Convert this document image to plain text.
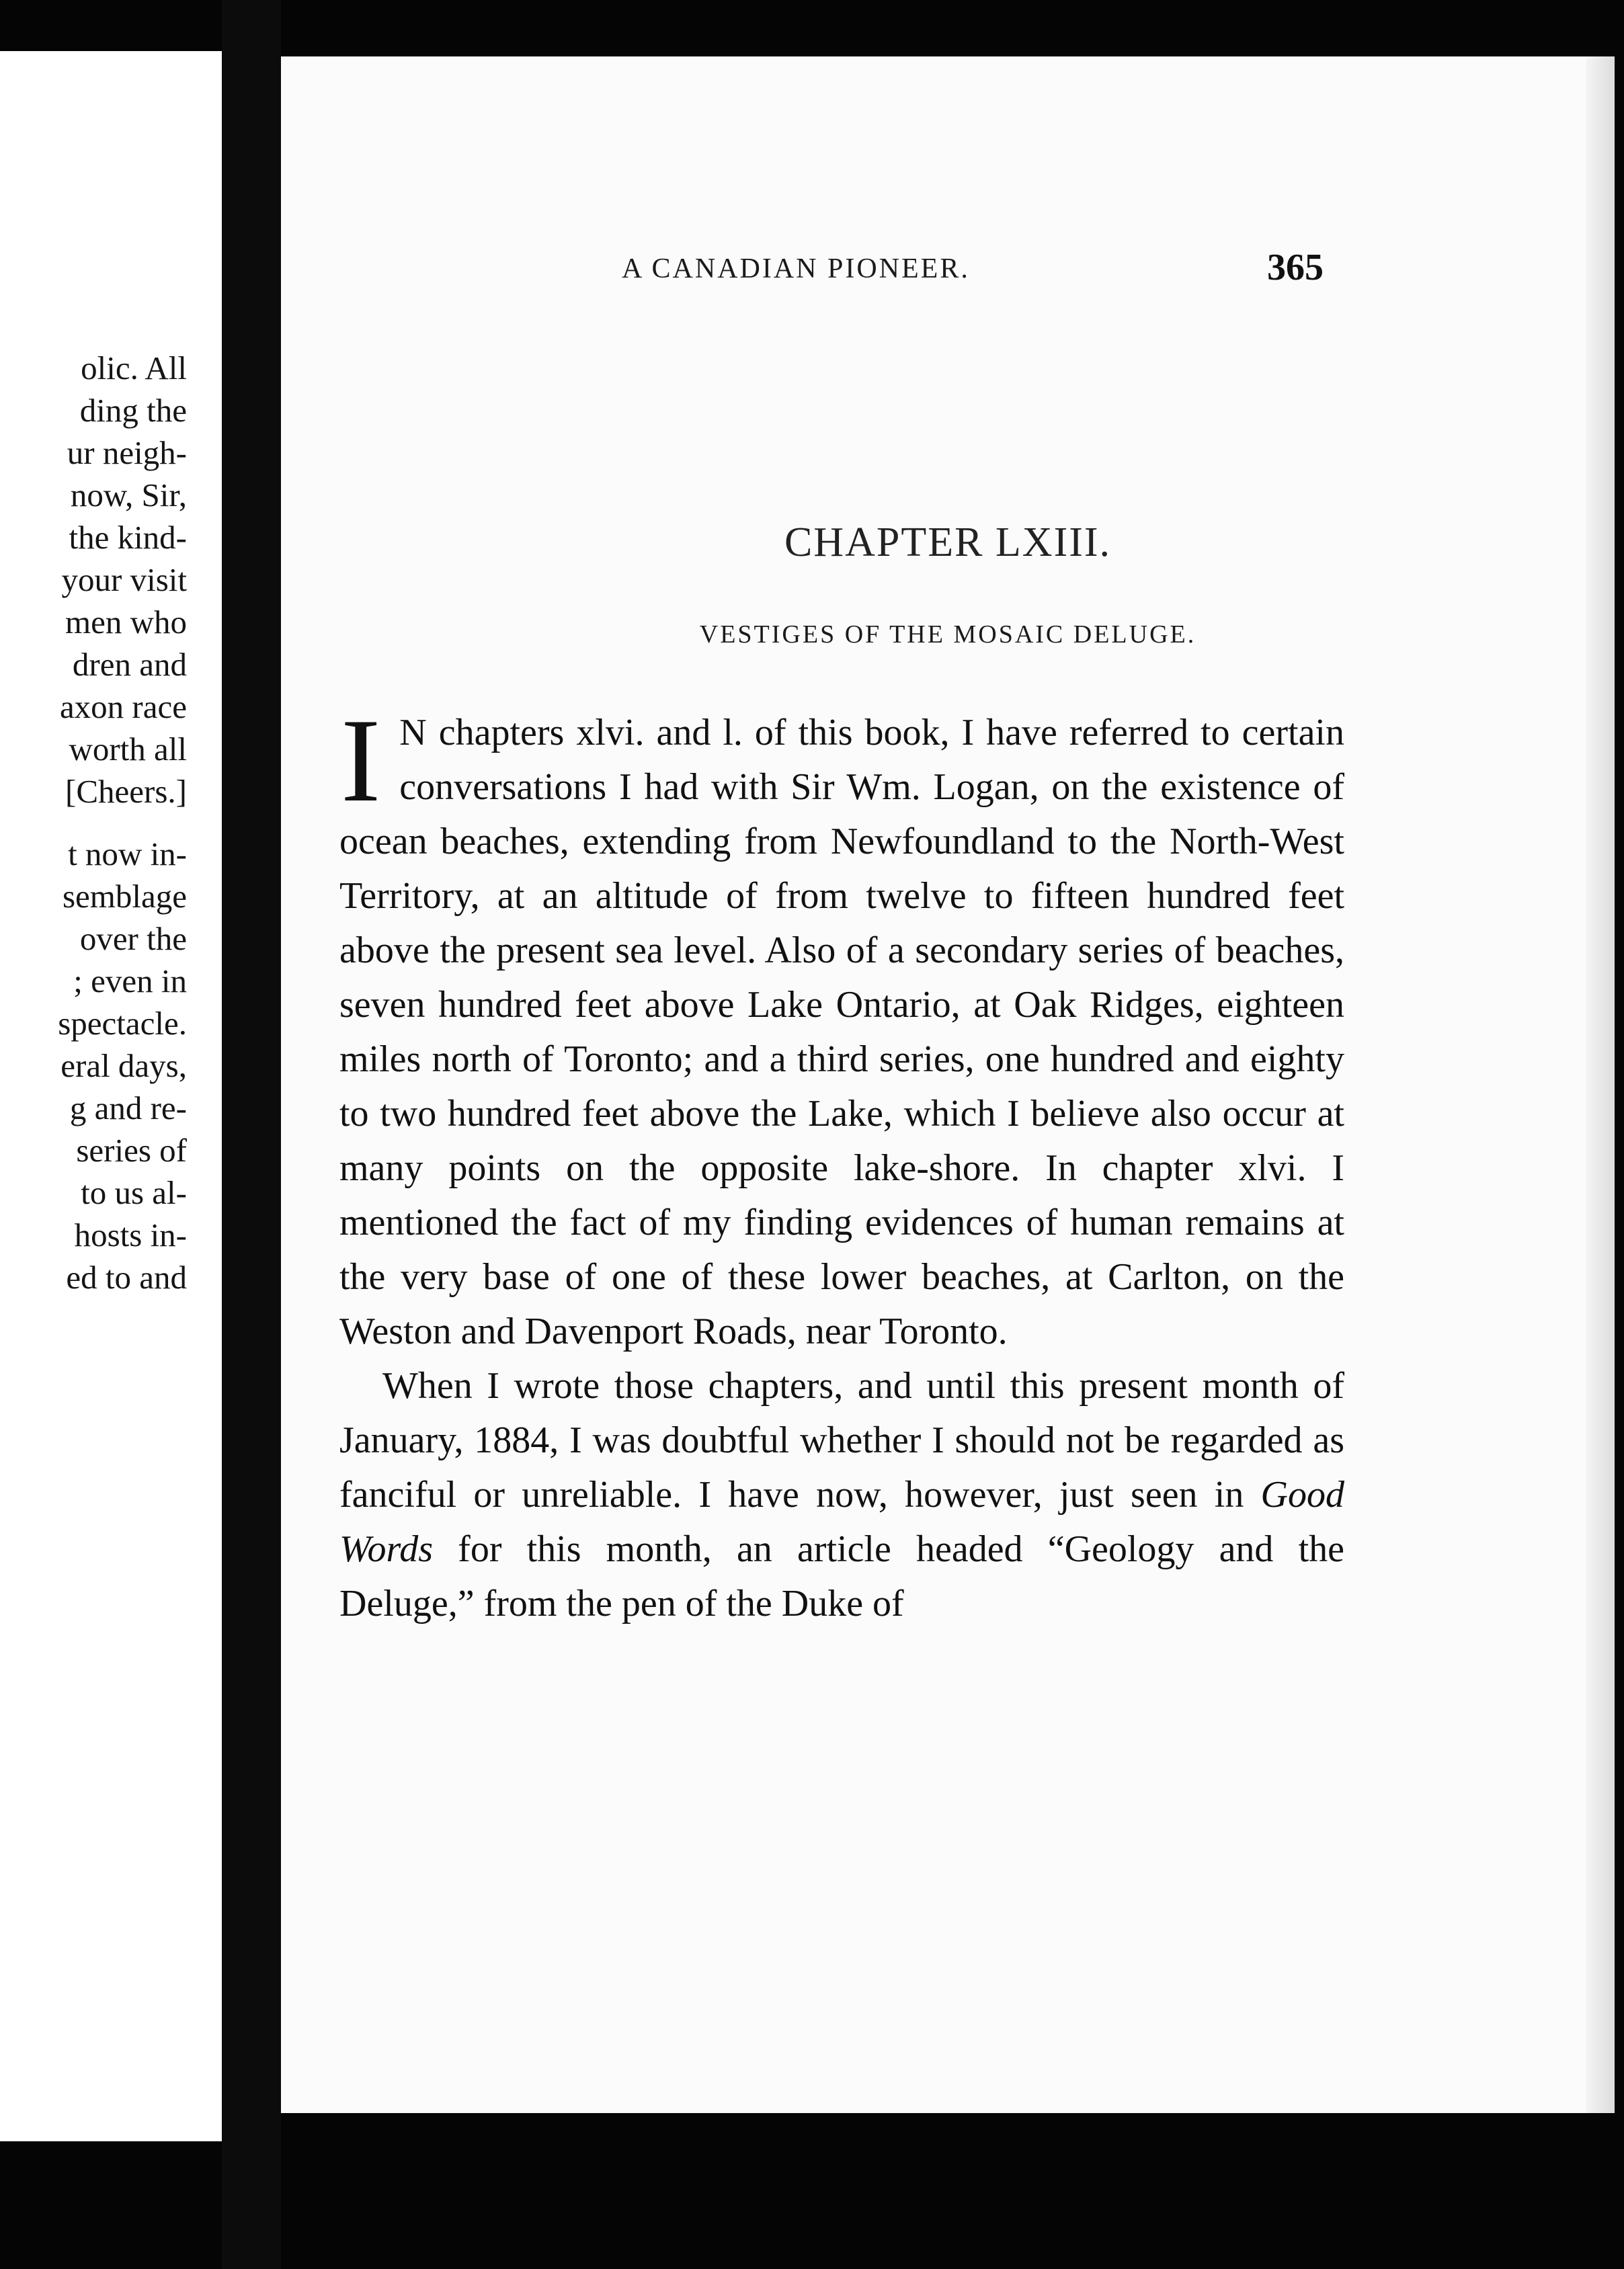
olic. All
ding the
ur neigh-
now, Sir,
the kind-
your visit
men who
dren and
axon race
worth all
[Cheers.]
t now in-
semblage
over the
; even in
spectacle.
eral days,
g and re-
series of
to us al-
hosts in-
ed to and
A CANADIAN PIONEER.	365
CHAPTER LXIII.
VESTIGES OF THE MOSAIC DELUGE.

I N chapters xlvi. and l. of this book, I have referred to certain conversations I had with Sir Wm. Logan, on the existence of ocean beaches, extending from Newfoundland to the North-West Territory, at an altitude of from twelve to fifteen hundred feet above the present sea level. Also of a secondary series of beaches, seven hundred feet above Lake Ontario, at Oak Ridges, eighteen miles north of Toronto; and a third series, one hundred and eighty to two hundred feet above the Lake, which I believe also occur at many points on the opposite lake-shore. In chapter xlvi. I mentioned the fact of my finding evidences of human remains at the very base of one of these lower beaches, at Carlton, on the Weston and Davenport Roads, near Toronto.

When I wrote those chapters, and until this present month of January, 1884, I was doubtful whether I should not be regarded as fanciful or unreliable. I have now, however, just seen in Good Words for this month, an article headed “Geology and the Deluge,” from the pen of the Duke of
